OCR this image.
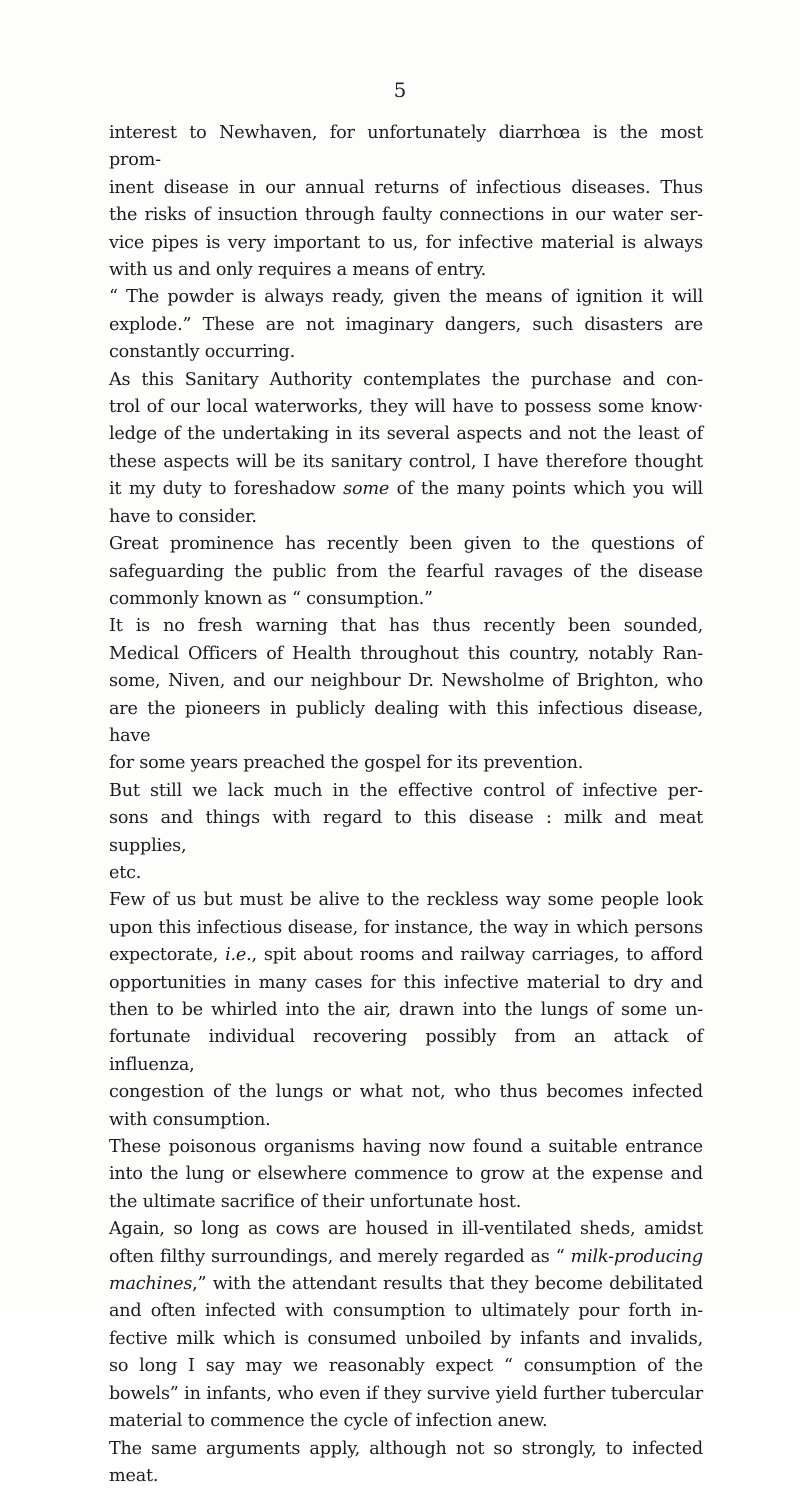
5
interest to Newhaven, for unfortunately diarrhœa is the most prom-
inent disease in our annual returns of infectious diseases. Thus
the risks of insuction through faulty connections in our water ser-
vice pipes is very important to us, for infective material is always
with us and only requires a means of entry.
“ The powder is always ready, given the means of ignition it will
explode.” These are not imaginary dangers, such disasters are
constantly occurring.
As this Sanitary Authority contemplates the purchase and con-
trol of our local waterworks, they will have to possess some know·
ledge of the undertaking in its several aspects and not the least of
these aspects will be its sanitary control, I have therefore thought
it my duty to foreshadow some of the many points which you will
have to consider.
Great prominence has recently been given to the questions of
safeguarding the public from the fearful ravages of the disease
commonly known as “ consumption.”
It is no fresh warning that has thus recently been sounded,
Medical Officers of Health throughout this country, notably Ran-
some, Niven, and our neighbour Dr. Newsholme of Brighton, who
are the pioneers in publicly dealing with this infectious disease, have
for some years preached the gospel for its prevention.
But still we lack much in the effective control of infective per-
sons and things with regard to this disease : milk and meat supplies,
etc.
Few of us but must be alive to the reckless way some people look
upon this infectious disease, for instance, the way in which persons
expectorate, i.e., spit about rooms and railway carriages, to afford
opportunities in many cases for this infective material to dry and
then to be whirled into the air, drawn into the lungs of some un-
fortunate individual recovering possibly from an attack of influenza,
congestion of the lungs or what not, who thus becomes infected
with consumption.
These poisonous organisms having now found a suitable entrance
into the lung or elsewhere commence to grow at the expense and
the ultimate sacrifice of their unfortunate host.
Again, so long as cows are housed in ill-ventilated sheds, amidst
often filthy surroundings, and merely regarded as “ milk-producing
machines,” with the attendant results that they become debilitated
and often infected with consumption to ultimately pour forth in-
fective milk which is consumed unboiled by infants and invalids,
so long I say may we reasonably expect “ consumption of the
bowels” in infants, who even if they survive yield further tubercular
material to commence the cycle of infection anew.
The same arguments apply, although not so strongly, to infected
meat.
